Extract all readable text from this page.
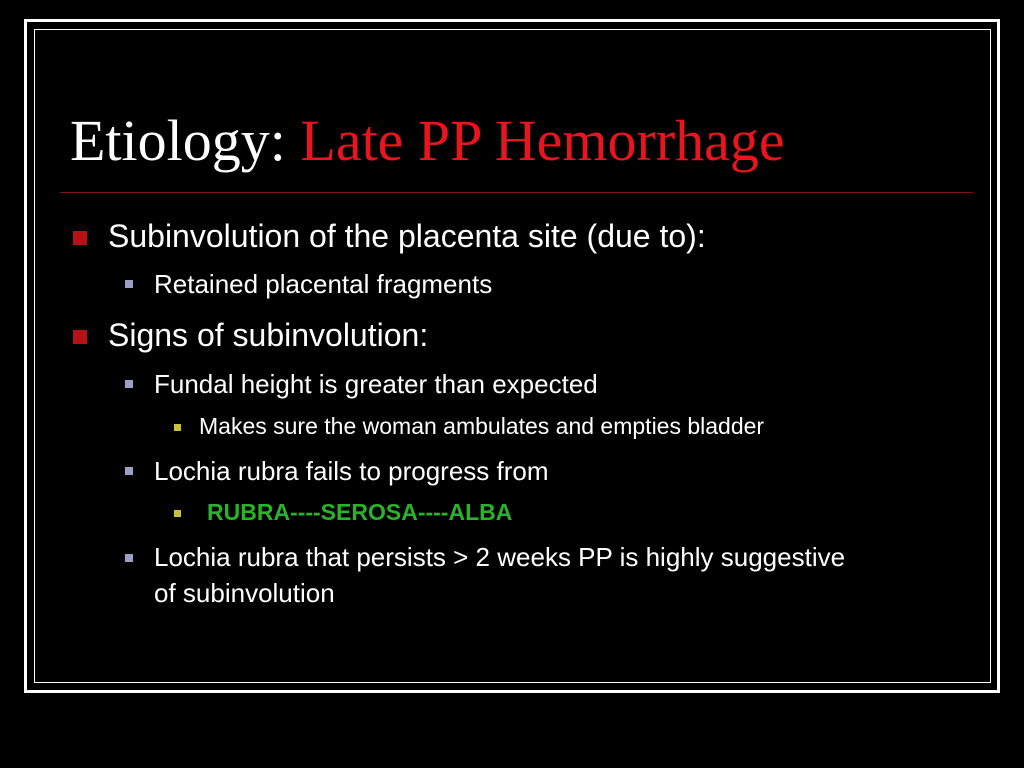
Etiology: Late PP Hemorrhage
Subinvolution of the placenta site (due to):
Retained placental fragments
Signs of subinvolution:
Fundal height is greater than expected
Makes sure the woman ambulates and empties bladder
Lochia rubra fails to progress from
RUBRA----SEROSA----ALBA
Lochia rubra that persists > 2 weeks PP is highly suggestive of subinvolution
